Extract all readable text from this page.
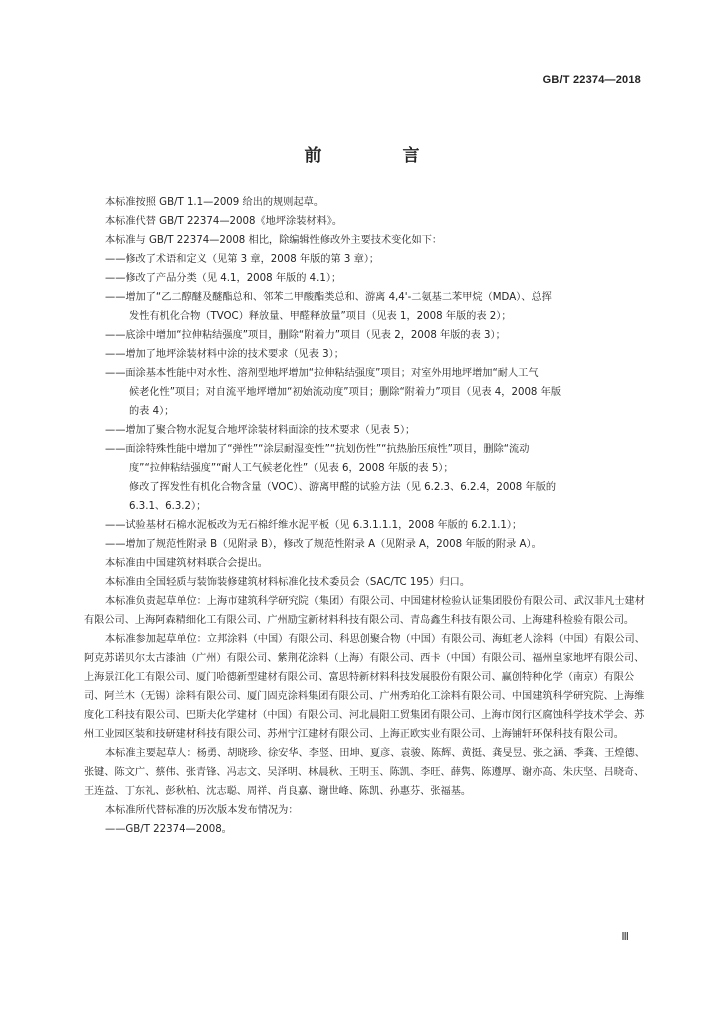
GB/T 22374—2018
前　言

本标准按照 GB/T 1.1—2009 给出的规则起草。

本标准代替 GB/T 22374—2008《地坪涂装材料》。

本标准与 GB/T 22374—2008 相比，除编辑性修改外主要技术变化如下：

——修改了术语和定义（见第 3 章，2008 年版的第 3 章）；

——修改了产品分类（见 4.1，2008 年版的 4.1）；

——增加了“乙二醇醚及醚酯总和、邻苯二甲酸酯类总和、游离 4,4'-二氨基二苯甲烷（MDA）、总挥

发性有机化合物（TVOC）释放量、甲醛释放量”项目（见表 1，2008 年版的表 2）；

——底涂中增加“拉伸粘结强度”项目，删除“附着力”项目（见表 2，2008 年版的表 3）；

——增加了地坪涂装材料中涂的技术要求（见表 3）；

——面涂基本性能中对水性、溶剂型地坪增加“拉伸粘结强度”项目；对室外用地坪增加“耐人工气

候老化性”项目；对自流平地坪增加“初始流动度”项目；删除“附着力”项目（见表 4，2008 年版

的表 4）；

——增加了聚合物水泥复合地坪涂装材料面涂的技术要求（见表 5）；

——面涂特殊性能中增加了“弹性”“涂层耐湿变性”“抗划伤性”“抗热胎压痕性”项目，删除“流动

度”“拉伸粘结强度”“耐人工气候老化性”（见表 6，2008 年版的表 5）；

修改了挥发性有机化合物含量（VOC）、游离甲醛的试验方法（见 6.2.3、6.2.4，2008 年版的

6.3.1、6.3.2）；

——试验基材石棉水泥板改为无石棉纤维水泥平板（见 6.3.1.1.1，2008 年版的 6.2.1.1）；

——增加了规范性附录 B（见附录 B），修改了规范性附录 A（见附录 A，2008 年版的附录 A）。

本标准由中国建筑材料联合会提出。

本标准由全国轻质与装饰装修建筑材料标准化技术委员会（SAC/TC 195）归口。

本标准负责起草单位：上海市建筑科学研究院（集团）有限公司、中国建材检验认证集团股份有限公司、武汉菲凡士建材有限公司、上海阿森精细化工有限公司、广州励宝新材料科技有限公司、青岛鑫生科技有限公司、上海建科检验有限公司。

本标准参加起草单位：立邦涂料（中国）有限公司、科思创聚合物（中国）有限公司、海虹老人涂料（中国）有限公司、阿克苏诺贝尔太古漆油（广州）有限公司、紫荆花涂料（上海）有限公司、西卡（中国）有限公司、福州皇家地坪有限公司、上海景江化工有限公司、厦门哈德新型建材有限公司、富思特新材料科技发展股份有限公司、赢创特种化学（南京）有限公司、阿兰木（无锡）涂料有限公司、厦门固克涂料集团有限公司、广州秀珀化工涂料有限公司、中国建筑科学研究院、上海维度化工科技有限公司、巴斯夫化学建材（中国）有限公司、河北晨阳工贸集团有限公司、上海市闵行区腐蚀科学技术学会、苏州工业园区装和技研建材科技有限公司、苏州宁江建材有限公司、上海正欧实业有限公司、上海铺轩环保科技有限公司。

本标准主要起草人：杨勇、胡晓珍、徐安华、李竖、田坤、夏彦、袁骏、陈辉、黄挺、龚旻昱、张之涵、季龚、王煌德、张键、陈文广、蔡伟、张青锋、冯志文、吴泽明、林晨秋、王明玉、陈凯、李旺、薛隽、陈遵厚、谢亦高、朱庆坚、吕晓奇、王连益、丁东礼、彭秋柏、沈志聪、周祥、肖良嘉、谢世峰、陈凯、孙惠芬、张福基。

本标准所代替标准的历次版本发布情况为：

——GB/T 22374—2008。

Ⅲ
